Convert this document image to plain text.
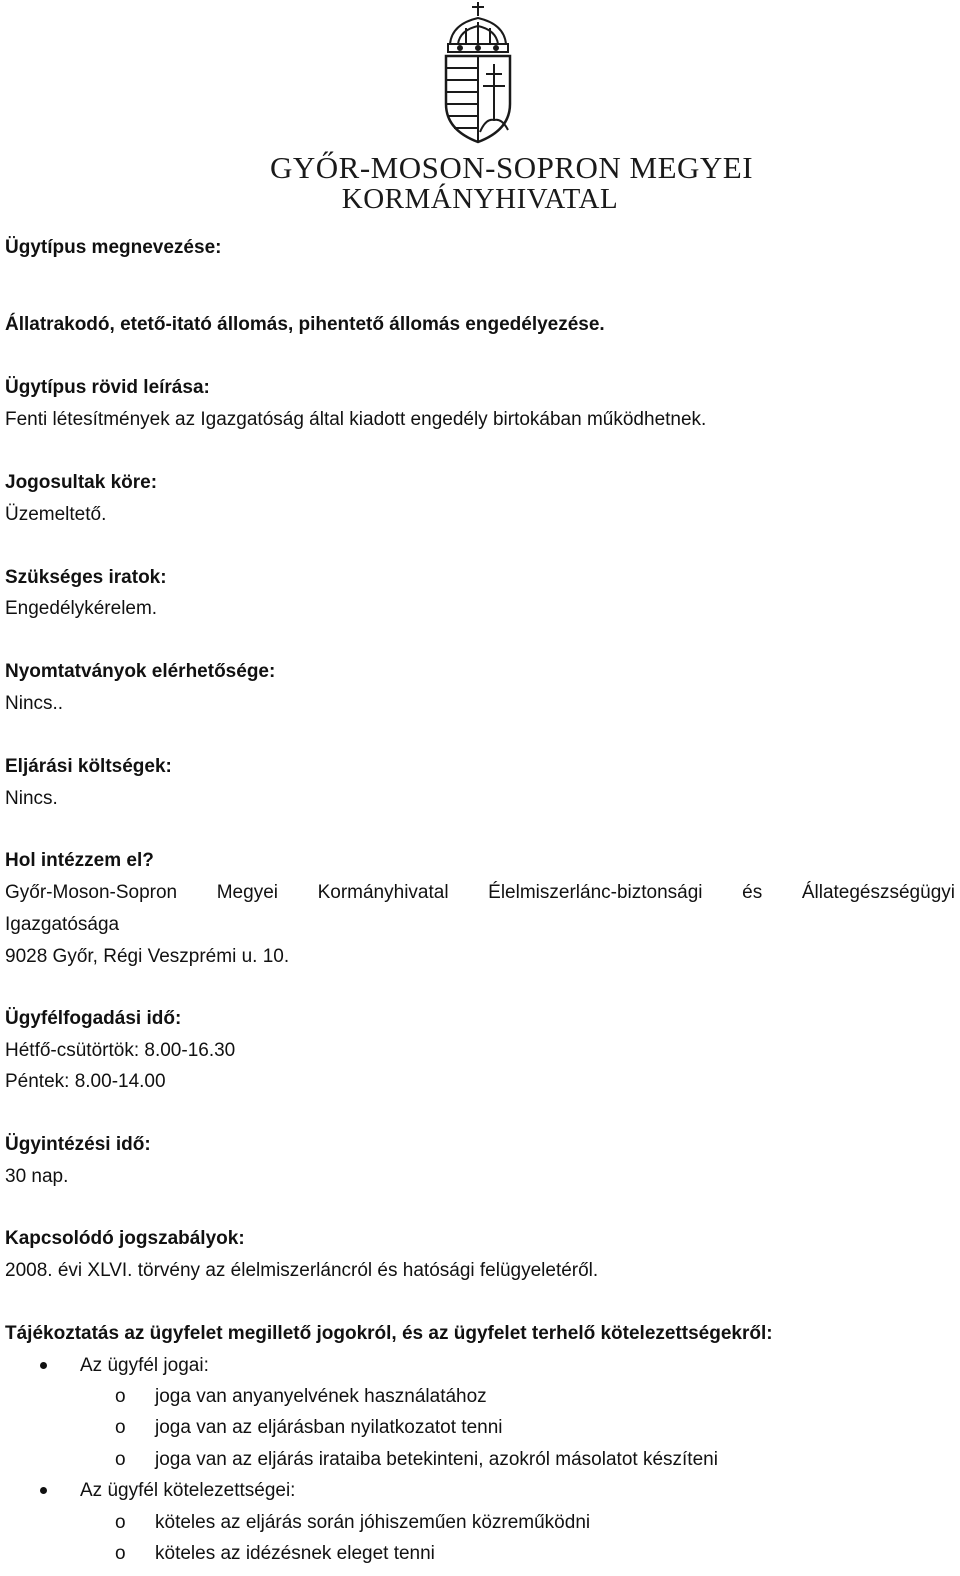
GYŐR-MOSON-SOPRON MEGYEI
KORMÁNYHIVATAL
Ügytípus megnevezése:
Állatrakodó, etető-itató állomás, pihentető állomás engedélyezése.
Ügytípus rövid leírása:
Fenti létesítmények az Igazgatóság által kiadott engedély birtokában működhetnek.
Jogosultak köre:
Üzemeltető.
Szükséges iratok:
Engedélykérelem.
Nyomtatványok elérhetősége:
Nincs..
Eljárási költségek:
Nincs.
Hol intézzem el?
Győr-Moson-Sopron Megyei Kormányhivatal Élelmiszerlánc-biztonsági és Állategészségügyi
Igazgatósága
9028 Győr, Régi Veszprémi u. 10.
Ügyfélfogadási idő:
Hétfő-csütörtök: 8.00-16.30
Péntek: 8.00-14.00
Ügyintézési idő:
30 nap.
Kapcsolódó jogszabályok:
2008. évi XLVI. törvény az élelmiszerláncról és hatósági felügyeletéről.
Tájékoztatás az ügyfelet megillető jogokról, és az ügyfelet terhelő kötelezettségekről:
Az ügyfél jogai:
o joga van anyanyelvének használatához
o joga van az eljárásban nyilatkozatot tenni
o joga van az eljárás irataiba betekinteni, azokról másolatot készíteni
Az ügyfél kötelezettségei:
o köteles az eljárás során jóhiszeműen közreműködni
o köteles az idézésnek eleget tenni
